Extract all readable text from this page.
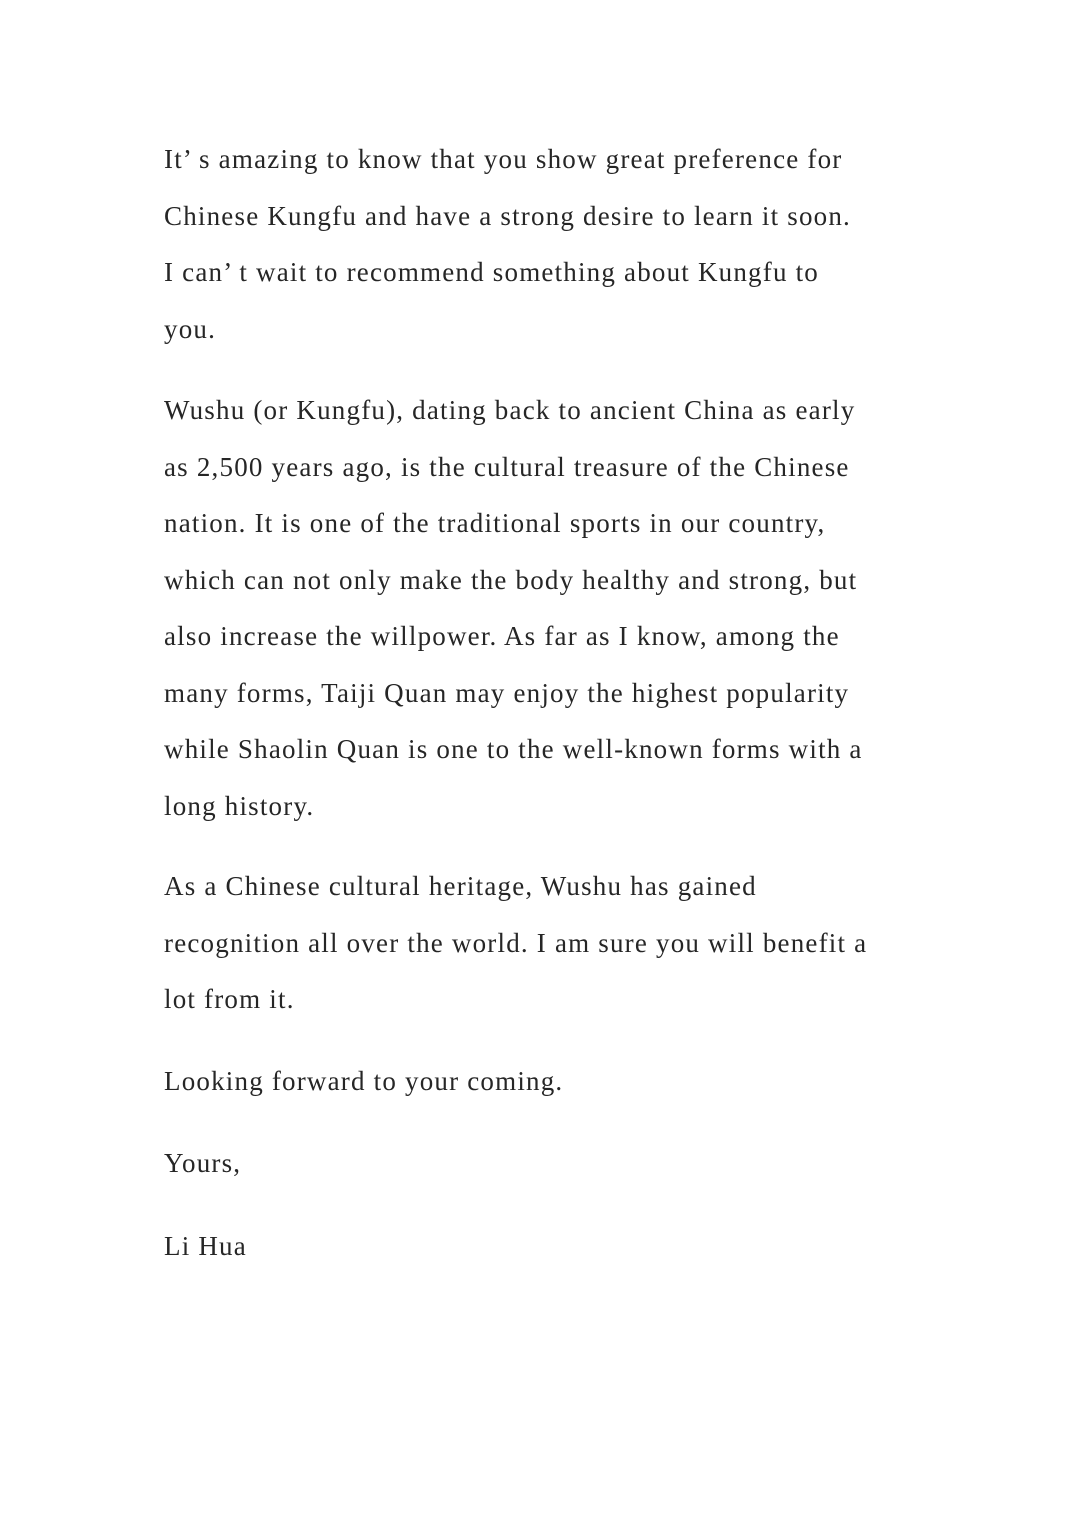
It’ s amazing to know that you show great preference for
Chinese Kungfu and have a strong desire to learn it soon.
I can’ t wait to recommend something about Kungfu to
you.

Wushu (or Kungfu), dating back to ancient China as early
as 2,500 years ago, is the cultural treasure of the Chinese
nation. It is one of the traditional sports in our country,
which can not only make the body healthy and strong, but
also increase the willpower. As far as I know, among the
many forms, Taiji Quan may enjoy the highest popularity
while Shaolin Quan is one to the well-known forms with a
long history.

As a Chinese cultural heritage, Wushu has gained
recognition all over the world. I am sure you will benefit a
lot from it.

Looking forward to your coming.

Yours,

Li Hua
